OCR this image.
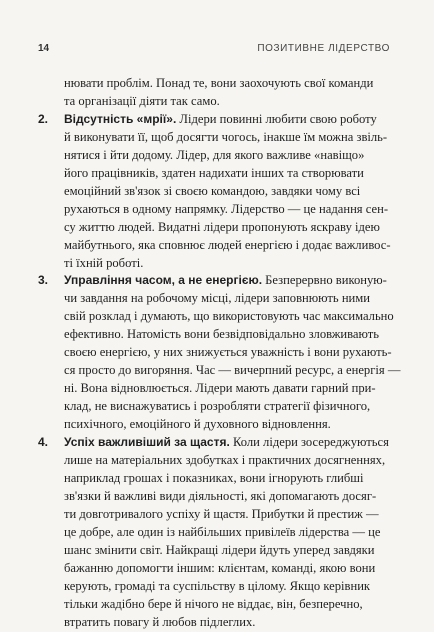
14	ПОЗИТИВНЕ ЛІДЕРСТВО
нювати проблім. Понад те, вони заохочують свої команди
та організації діяти так само.
2. Відсутність «мрії». Лідери повинні любити свою роботу
й виконувати її, щоб досягти чогось, інакше їм можна звіль-
нятися і йти додому. Лідер, для якого важливе «навіщо»
його працівників, здатен надихати інших та створювати
емоційний зв'язок зі своєю командою, завдяки чому всі
рухаються в одному напрямку. Лідерство — це надання сен-
су життю людей. Видатні лідери пропонують яскраву ідею
майбутнього, яка сповнює людей енергією і додає важливос-
ті їхній роботі.
3. Управління часом, а не енергією. Безперервно виконую-
чи завдання на робочому місці, лідери заповнюють ними
свій розклад і думають, що використовують час максимально
ефективно. Натомість вони безвідповідально зловживають
своєю енергією, у них знижується уважність і вони рухають-
ся просто до вигоряння. Час — вичерпний ресурс, а енергія —
ні. Вона відновлюється. Лідери мають давати гарний при-
клад, не виснажуватись і розробляти стратегії фізичного,
психічного, емоційного й духовного відновлення.
4. Успіх важливіший за щастя. Коли лідери зосереджуються
лише на матеріальних здобутках і практичних досягненнях,
наприклад грошах і показниках, вони ігнорують глибші
зв'язки й важливі види діяльності, які допомагають досяг-
ти довготривалого успіху й щастя. Прибутки й престиж —
це добре, але один із найбільших привілеїв лідерства — це
шанс змінити світ. Найкращі лідери йдуть уперед завдяки
бажанню допомогти іншим: клієнтам, команді, якою вони
керують, громаді та суспільству в цілому. Якщо керівник
тільки жадібно бере й нічого не віддає, він, безперечно,
втратить повагу й любов підлеглих.
